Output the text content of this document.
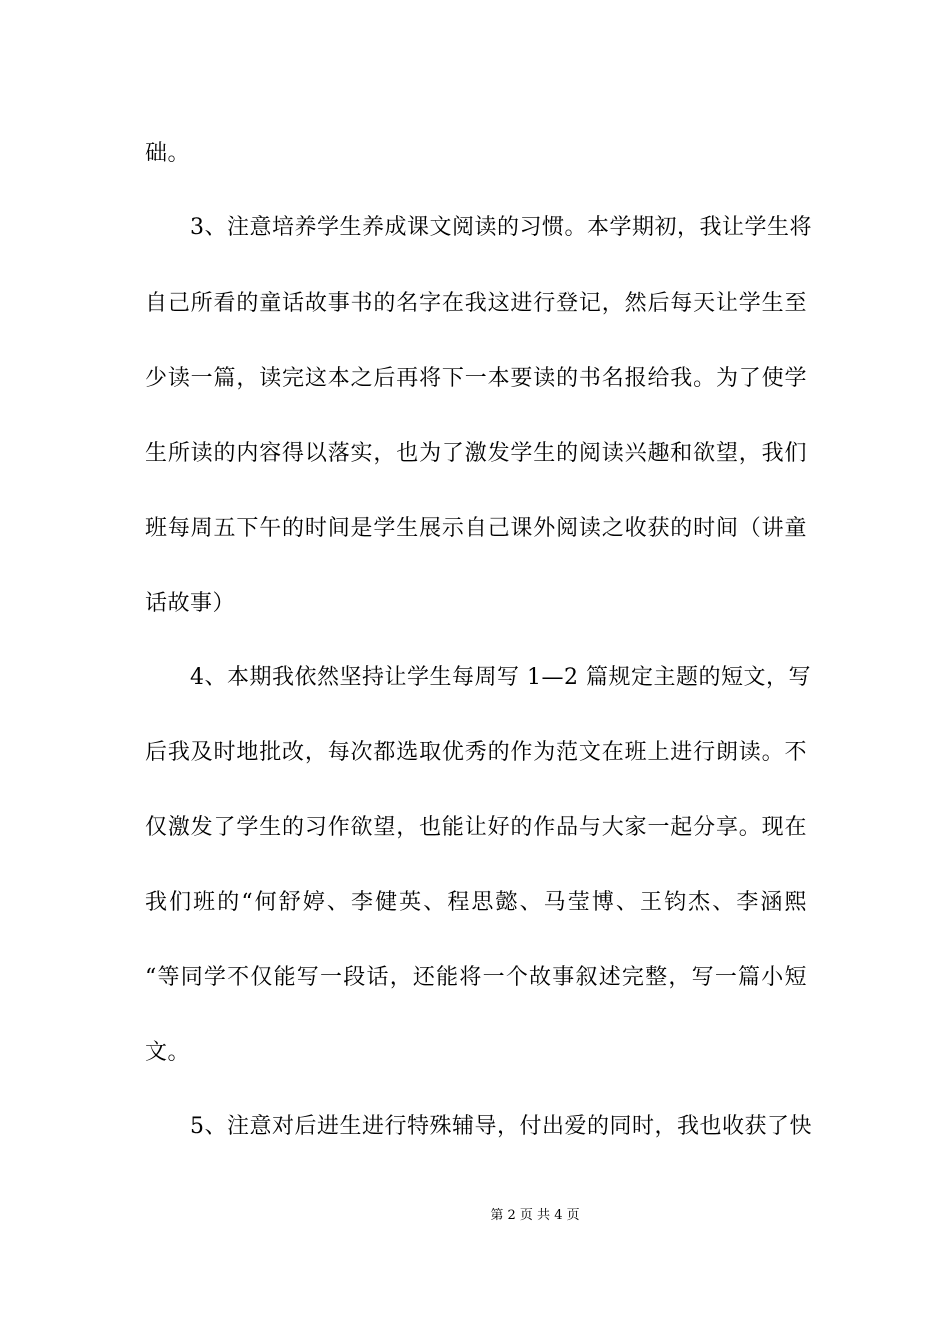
础。
　　3、注意培养学生养成课文阅读的习惯。本学期初，我让学生将
自己所看的童话故事书的名字在我这进行登记，然后每天让学生至
少读一篇，读完这本之后再将下一本要读的书名报给我。为了使学
生所读的内容得以落实，也为了激发学生的阅读兴趣和欲望，我们
班每周五下午的时间是学生展示自己课外阅读之收获的时间（讲童
话故事）
　　4、本期我依然坚持让学生每周写 1—2 篇规定主题的短文，写
后我及时地批改，每次都选取优秀的作为范文在班上进行朗读。不
仅激发了学生的习作欲望，也能让好的作品与大家一起分享。现在
我们班的“何舒婷、李健英、程思懿、马莹博、王钧杰、李涵熙
“等同学不仅能写一段话，还能将一个故事叙述完整，写一篇小短
文。
　　5、注意对后进生进行特殊辅导，付出爱的同时，我也收获了快
第 2 页 共 4 页
